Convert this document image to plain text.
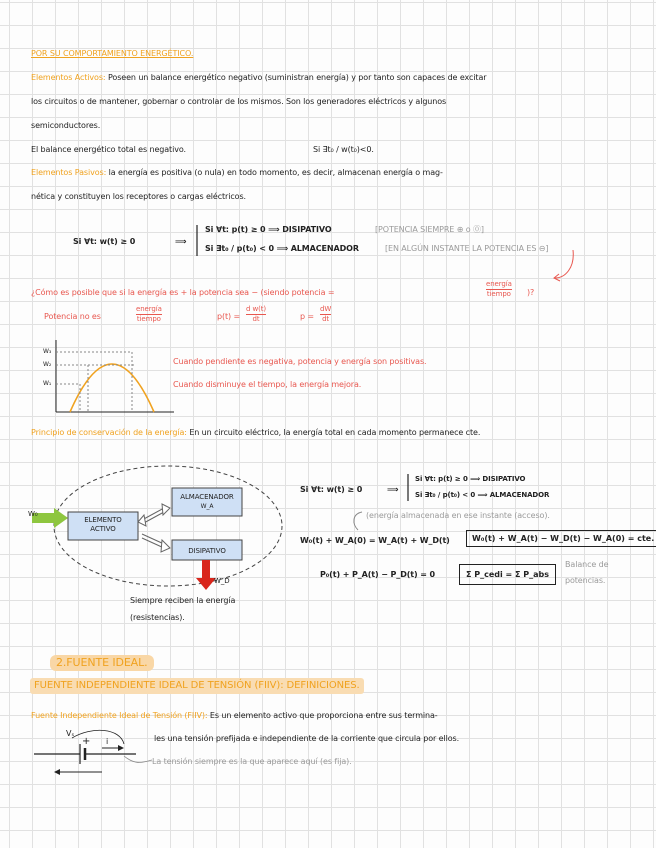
POR SU COMPORTAMIENTO ENERGÉTICO.
Elementos Activos: Poseen un balance energético negativo (suministran energía) y por tanto son capaces de excitar
los circuitos o de mantener, gobernar o controlar de los mismos. Son los generadores eléctricos y algunos
semiconductores.
El balance energético total es negativo.	Si ∃t₀ / w(t₀)<0.
Elementos Pasivos: la energía es positiva (o nula) en todo momento, es decir, almacenan energía o mag-
nética y constituyen los receptores o cargas eléctricos.
Si ∀t: w(t) ≥ 0	⟹
Si ∀t: p(t) ≥ 0 ⟹ DISIPATIVO	[POTENCIA SIEMPRE ⊕ o ⓪]
Si ∃t₀ / p(t₀) < 0 ⟹ ALMACENADOR	[EN ALGÚN INSTANTE LA POTENCIA ES ⊖]
¿Cómo es posible que si la energía es + la potencia sea − (siendo potencia =
energía
tiempo )?
Potencia no es
energía
tiempo	$p(t) = \frac{\text{d w(t)}}{dt}$	$p = \frac{dW}{dt}$
W₃
W₂
W₁
Cuando pendiente es negativa, potencia y energía son positivas.
Cuando disminuye el tiempo, la energía mejora.
Principio de conservación de la energía: En un circuito eléctrico, la energía total en cada momento permanece cte.
W₀
ELEMENTO
ACTIVO
ALMACENADOR
W_A
DISIPATIVO
W_D
Siempre reciben la energía
(resistencias).
Si ∀t: w(t) ≥ 0	⟹
Si ∀t: p(t) ≥ 0 ⟹ DISIPATIVO
Si ∃t₀ / p(t₀) < 0 ⟹ ALMACENADOR
(energía almacenada en ese instante (acceso).
W₀(t) + W_A(0) = W_A(t) + W_D(t)	W₀(t) + W_A(t) − W_D(t) − W_A(0) = cte.
P₀(t) + P_A(t) − P_D(t) = 0	Σ P_cedi = Σ P_abs
Balance de
potencias.
2.FUENTE IDEAL.
FUENTE INDEPENDIENTE IDEAL DE TENSIÓN (FIIV): DEFINICIONES.
Fuente Independiente Ideal de Tensión (FIIV): Es un elemento activo que proporciona entre sus termina-
les una tensión prefijada e independiente de la corriente que circula por ellos.
La tensión siempre es la que aparece aquí (es fija).
Vₛ
+ i
